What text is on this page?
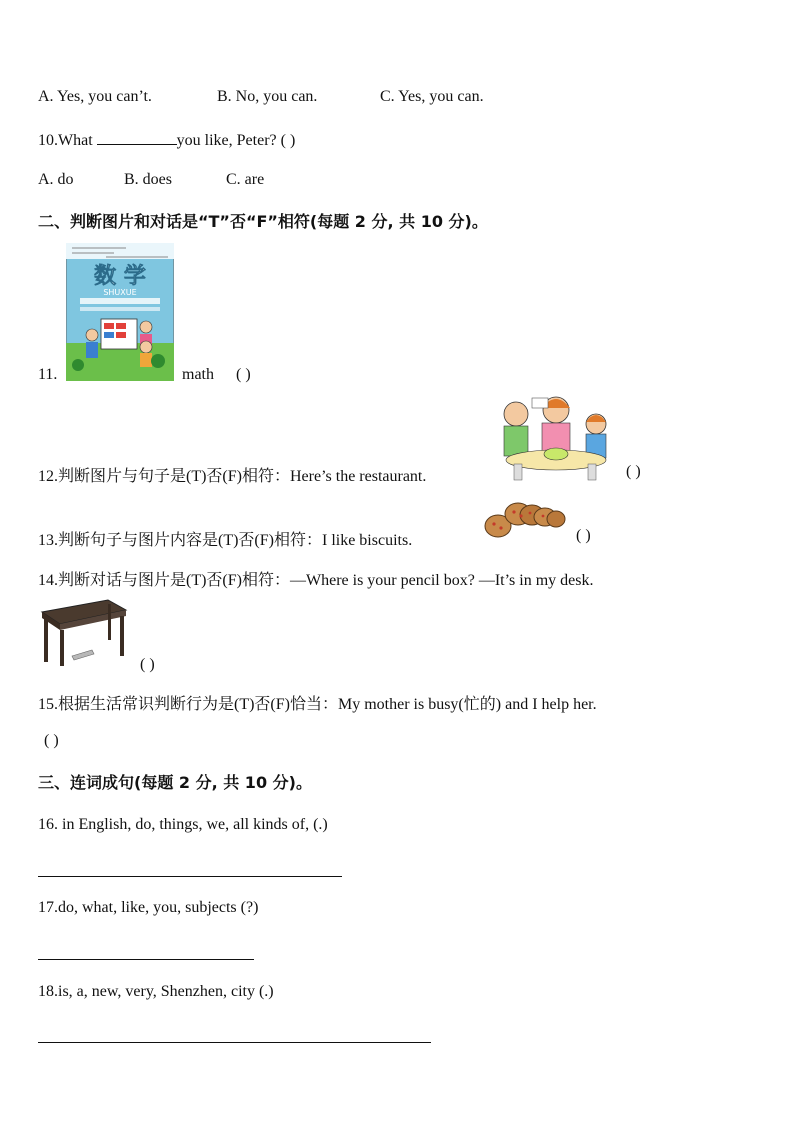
A. Yes, you can’t.	B. No, you can.	C. Yes, you can.
10.What	you like, Peter? ( )
A. do	B. does	C. are
二、判断图片和对话是“T”否“F”相符(每题 2 分, 共 10 分)。
11.
数 学
SHUXUE
math ( )
12.判断图片与句子是(T)否(F)相符：Here’s the restaurant.	( )
13.判断句子与图片内容是(T)否(F)相符：I like biscuits.	( )
14.判断对话与图片是(T)否(F)相符：—Where is your pencil box? —It’s in my desk.
( )
15.根据生活常识判断行为是(T)否(F)恰当：My mother is busy(忙的) and I help her.
( )
三、连词成句(每题 2 分, 共 10 分)。
16. in English, do, things, we, all kinds of, (.)
17.do, what, like, you, subjects (?)
18.is, a, new, very, Shenzhen, city (.)
